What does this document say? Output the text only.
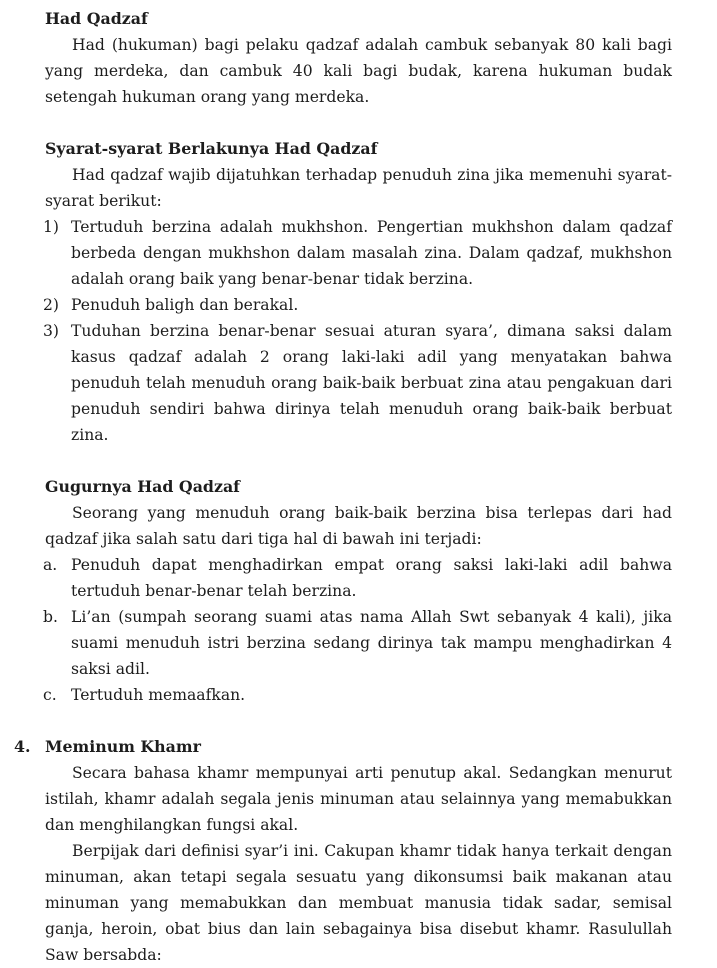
Had Qadzaf

Had (hukuman) bagi pelaku qadzaf adalah cambuk sebanyak 80 kali bagi yang merdeka, dan cambuk 40 kali bagi budak, karena hukuman budak setengah hukuman orang yang merdeka.

Syarat-syarat Berlakunya Had Qadzaf

Had qadzaf wajib dijatuhkan terhadap penuduh zina jika memenuhi syarat-syarat berikut:

1) Tertuduh berzina adalah mukhshon. Pengertian mukhshon dalam qadzaf berbeda dengan mukhshon dalam masalah zina. Dalam qadzaf, mukhshon adalah orang baik yang benar-benar tidak berzina.
2) Penuduh baligh dan berakal.
3) Tuduhan berzina benar-benar sesuai aturan syara’, dimana saksi dalam kasus qadzaf adalah 2 orang laki-laki adil yang menyatakan bahwa penuduh telah menuduh orang baik-baik berbuat zina atau pengakuan dari penuduh sendiri bahwa dirinya telah menuduh orang baik-baik berbuat zina.
Gugurnya Had Qadzaf

Seorang yang menuduh orang baik-baik berzina bisa terlepas dari had qadzaf jika salah satu dari tiga hal di bawah ini terjadi:

a. Penuduh dapat menghadirkan empat orang saksi laki-laki adil bahwa tertuduh benar-benar telah berzina.
b. Li’an (sumpah seorang suami atas nama Allah Swt sebanyak 4 kali), jika suami menuduh istri berzina sedang dirinya tak mampu menghadirkan 4 saksi adil.
c. Tertuduh memaafkan.
4. Meminum Khamr

Secara bahasa khamr mempunyai arti penutup akal. Sedangkan menurut istilah, khamr adalah segala jenis minuman atau selainnya yang memabukkan dan menghilangkan fungsi akal.

Berpijak dari definisi syar’i ini. Cakupan khamr tidak hanya terkait dengan minuman, akan tetapi segala sesuatu yang dikonsumsi baik makanan atau minuman yang memabukkan dan membuat manusia tidak sadar, semisal ganja, heroin, obat bius dan lain sebagainya bisa disebut khamr. Rasulullah Saw bersabda:
